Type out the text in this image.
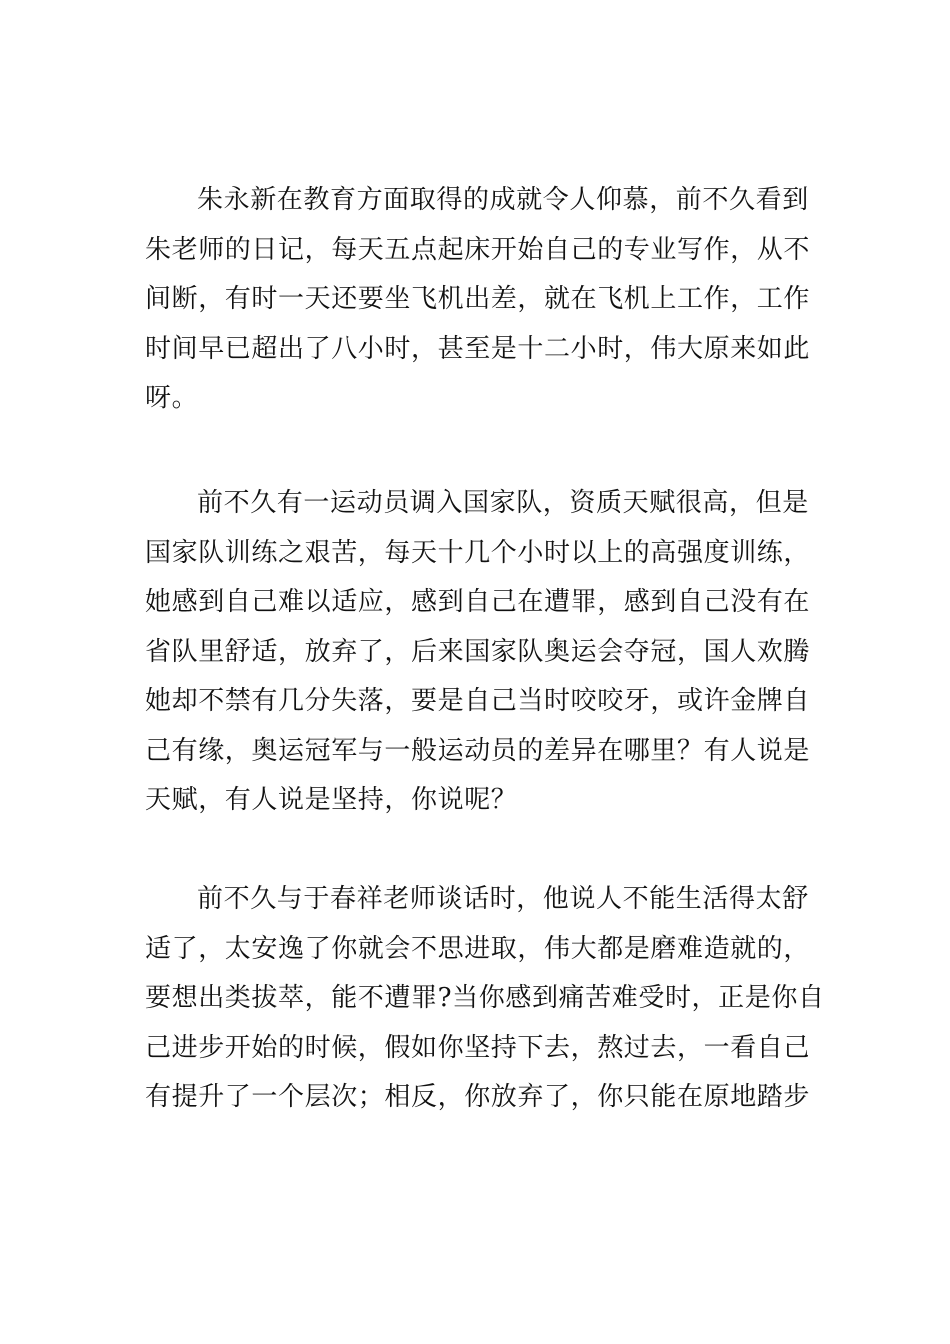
朱永新在教育方面取得的成就令人仰慕，前不久看到
朱老师的日记，每天五点起床开始自己的专业写作，从不
间断，有时一天还要坐飞机出差，就在飞机上工作，工作
时间早已超出了八小时，甚至是十二小时，伟大原来如此
呀。
前不久有一运动员调入国家队，资质天赋很高，但是
国家队训练之艰苦，每天十几个小时以上的高强度训练，
她感到自己难以适应，感到自己在遭罪，感到自己没有在
省队里舒适，放弃了，后来国家队奥运会夺冠，国人欢腾
她却不禁有几分失落，要是自己当时咬咬牙，或许金牌自
己有缘，奥运冠军与一般运动员的差异在哪里？有人说是
天赋，有人说是坚持，你说呢？
前不久与于春祥老师谈话时，他说人不能生活得太舒
适了，太安逸了你就会不思进取，伟大都是磨难造就的，
要想出类拔萃，能不遭罪?当你感到痛苦难受时，正是你自
己进步开始的时候，假如你坚持下去，熬过去，一看自己
有提升了一个层次；相反，你放弃了，你只能在原地踏步
